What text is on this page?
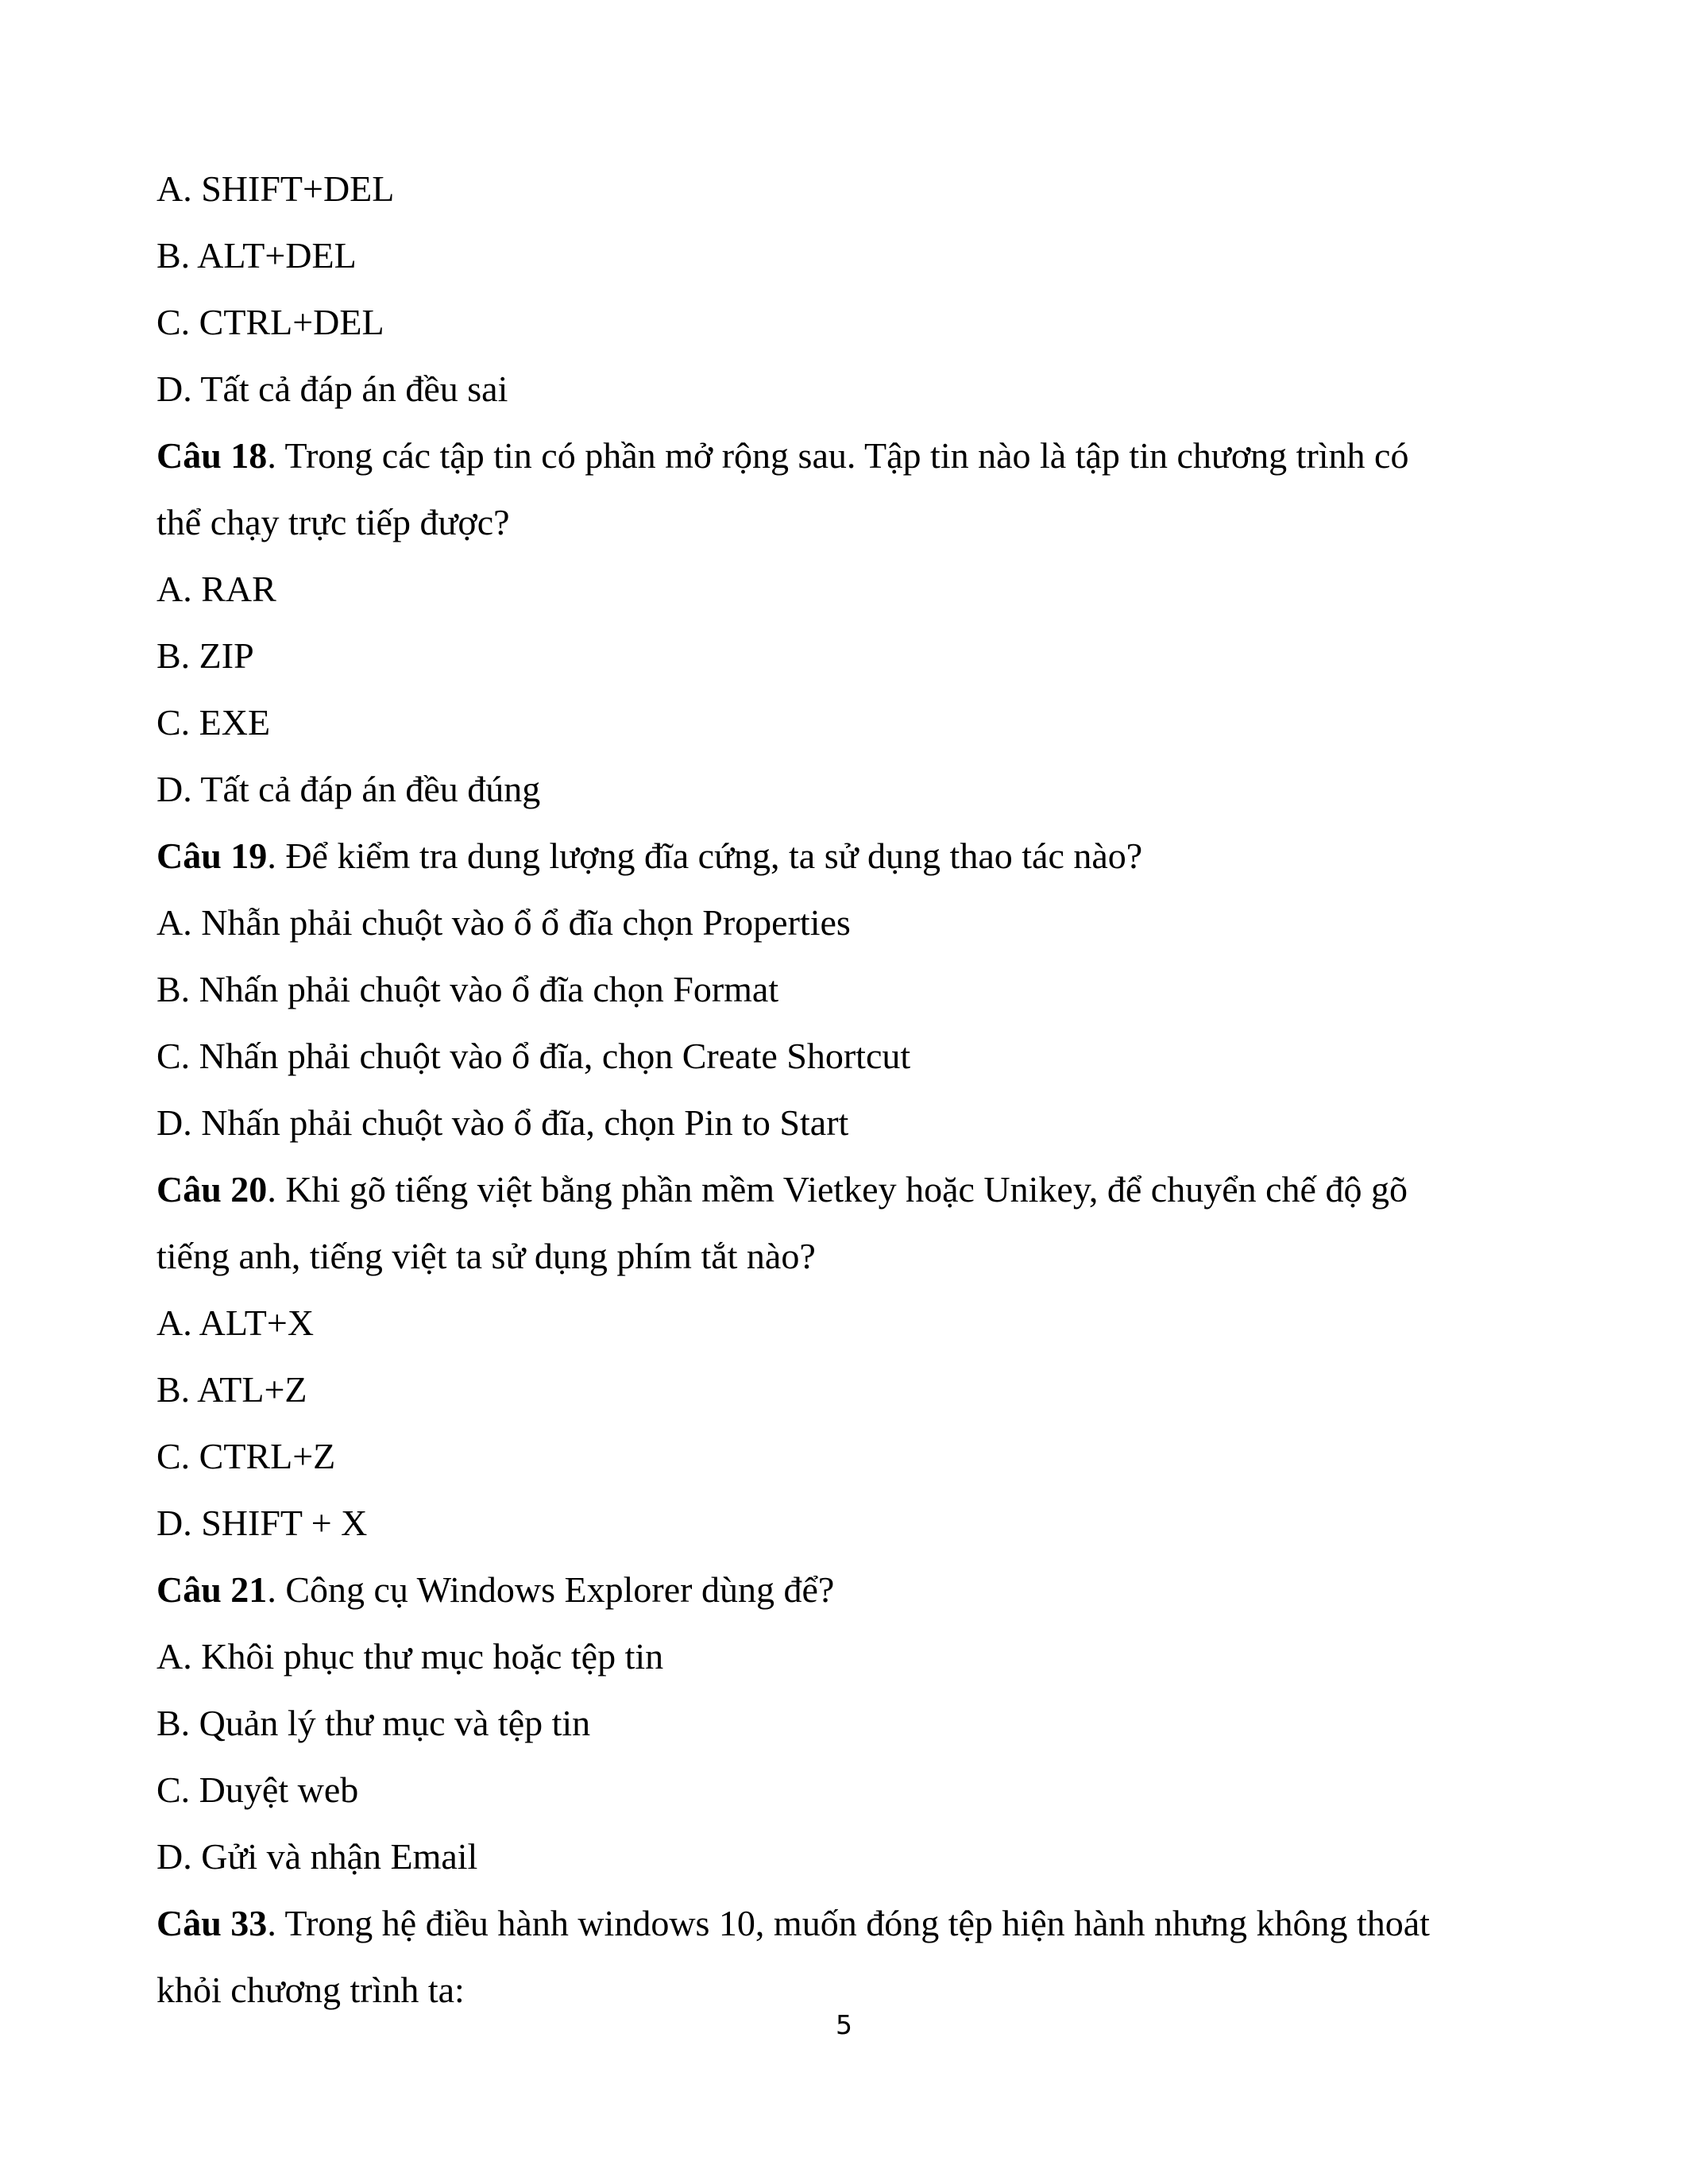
A. SHIFT+DEL
B. ALT+DEL
C. CTRL+DEL
D. Tất cả đáp án đều sai
Câu 18. Trong các tập tin có phần mở rộng sau. Tập tin nào là tập tin chương trình có
thể chạy trực tiếp được?
A. RAR
B. ZIP
C. EXE
D. Tất cả đáp án đều đúng
Câu 19. Để kiểm tra dung lượng đĩa cứng, ta sử dụng thao tác nào?
A. Nhẫn phải chuột vào ổ ổ đĩa chọn Properties
B. Nhấn phải chuột vào ổ đĩa chọn Format
C. Nhấn phải chuột vào ổ đĩa, chọn Create Shortcut
D. Nhấn phải chuột vào ổ đĩa, chọn Pin to Start
Câu 20. Khi gõ tiếng việt bằng phần mềm Vietkey hoặc Unikey, để chuyển chế độ gõ
tiếng anh, tiếng việt ta sử dụng phím tắt nào?
A. ALT+X
B. ATL+Z
C. CTRL+Z
D. SHIFT + X
Câu 21. Công cụ Windows Explorer dùng để?
A. Khôi phục thư mục hoặc tệp tin
B. Quản lý thư mục và tệp tin
C. Duyệt web
D. Gửi và nhận Email
Câu 33. Trong hệ điều hành windows 10, muốn đóng tệp hiện hành nhưng không thoát
khỏi chương trình ta:
5
